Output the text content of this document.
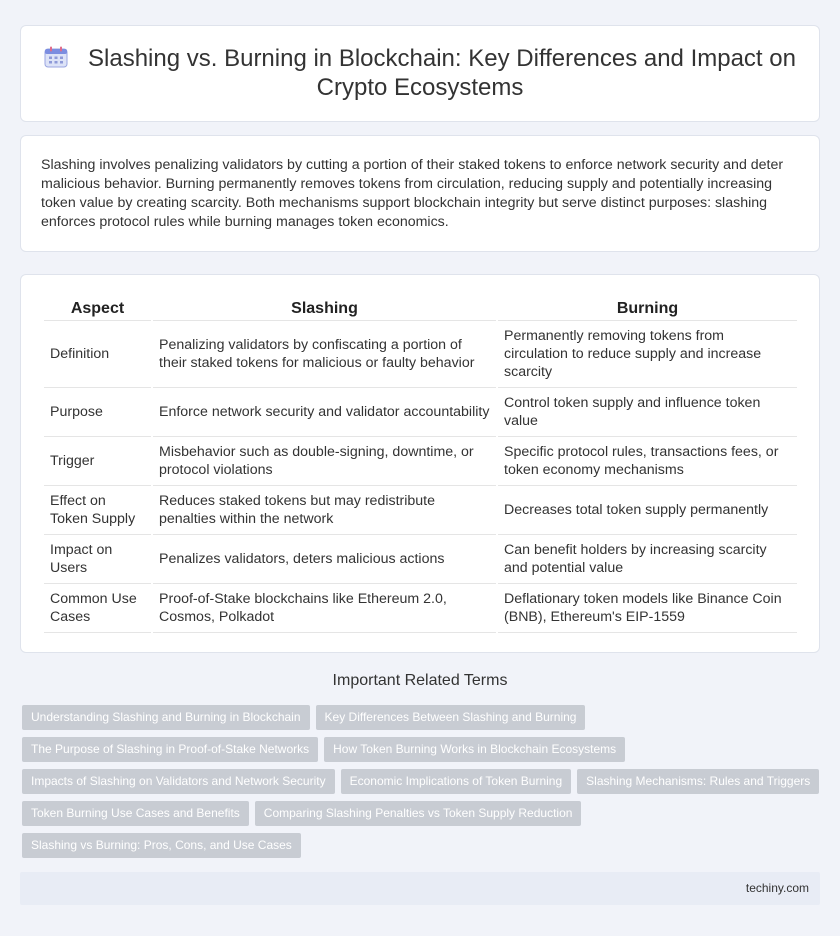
Slashing vs. Burning in Blockchain: Key Differences and Impact on Crypto Ecosystems

Slashing involves penalizing validators by cutting a portion of their staked tokens to enforce network security and deter malicious behavior. Burning permanently removes tokens from circulation, reducing supply and potentially increasing token value by creating scarcity. Both mechanisms support blockchain integrity but serve distinct purposes: slashing enforces protocol rules while burning manages token economics.

Aspect	Slashing	Burning
Definition	Penalizing validators by confiscating a portion of their staked tokens for malicious or faulty behavior	Permanently removing tokens from circulation to reduce supply and increase scarcity
Purpose	Enforce network security and validator accountability	Control token supply and influence token value
Trigger	Misbehavior such as double-signing, downtime, or protocol violations	Specific protocol rules, transactions fees, or token economy mechanisms
Effect on Token Supply	Reduces staked tokens but may redistribute penalties within the network	Decreases total token supply permanently
Impact on Users	Penalizes validators, deters malicious actions	Can benefit holders by increasing scarcity and potential value
Common Use Cases	Proof-of-Stake blockchains like Ethereum 2.0, Cosmos, Polkadot	Deflationary token models like Binance Coin (BNB), Ethereum's EIP-1559
Important Related Terms
Understanding Slashing and Burning in Blockchain Key Differences Between Slashing and Burning
The Purpose of Slashing in Proof-of-Stake Networks How Token Burning Works in Blockchain Ecosystems
Impacts of Slashing on Validators and Network Security Economic Implications of Token Burning Slashing Mechanisms: Rules and Triggers
Token Burning Use Cases and Benefits Comparing Slashing Penalties vs Token Supply Reduction
Slashing vs Burning: Pros, Cons, and Use Cases
techiny.com
